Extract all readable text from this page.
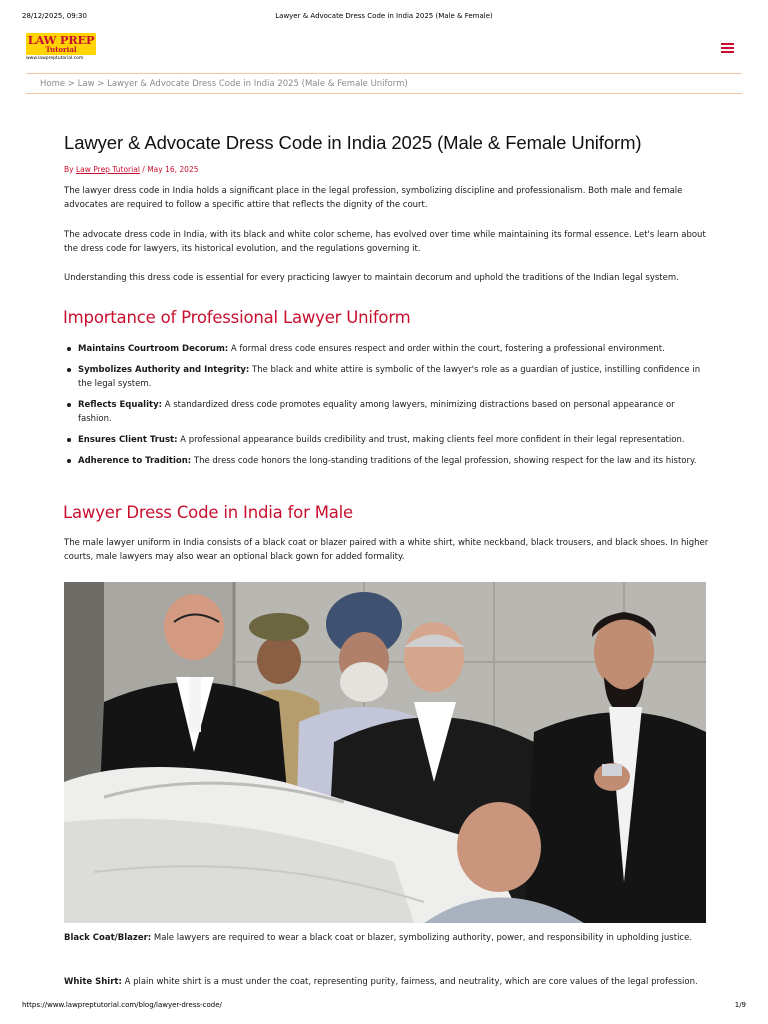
28/12/2025, 09:30	Lawyer & Advocate Dress Code in India 2025 (Male & Female)
LAW PREP
Tutorial
www.lawpreptutorial.com
Home > Law > Lawyer & Advocate Dress Code in India 2025 (Male & Female Uniform)
Lawyer & Advocate Dress Code in India 2025 (Male & Female Uniform)
By Law Prep Tutorial / May 16, 2025

The lawyer dress code in India holds a significant place in the legal profession, symbolizing discipline and professionalism. Both male and female advocates are required to follow a specific attire that reflects the dignity of the court.

The advocate dress code in India, with its black and white color scheme, has evolved over time while maintaining its formal essence. Let's learn about the dress code for lawyers, its historical evolution, and the regulations governing it.

Understanding this dress code is essential for every practicing lawyer to maintain decorum and uphold the traditions of the Indian legal system.

Importance of Professional Lawyer Uniform
Maintains Courtroom Decorum: A formal dress code ensures respect and order within the court, fostering a professional environment.
Symbolizes Authority and Integrity: The black and white attire is symbolic of the lawyer's role as a guardian of justice, instilling confidence in the legal system.
Reflects Equality: A standardized dress code promotes equality among lawyers, minimizing distractions based on personal appearance or fashion.
Ensures Client Trust: A professional appearance builds credibility and trust, making clients feel more confident in their legal representation.
Adherence to Tradition: The dress code honors the long-standing traditions of the legal profession, showing respect for the law and its history.
Lawyer Dress Code in India for Male

The male lawyer uniform in India consists of a black coat or blazer paired with a white shirt, white neckband, black trousers, and black shoes. In higher courts, male lawyers may also wear an optional black gown for added formality.

Black Coat/Blazer: Male lawyers are required to wear a black coat or blazer, symbolizing authority, power, and responsibility in upholding justice.

White Shirt: A plain white shirt is a must under the coat, representing purity, fairness, and neutrality, which are core values of the legal profession.

https://www.lawpreptutorial.com/blog/lawyer-dress-code/	1/9
